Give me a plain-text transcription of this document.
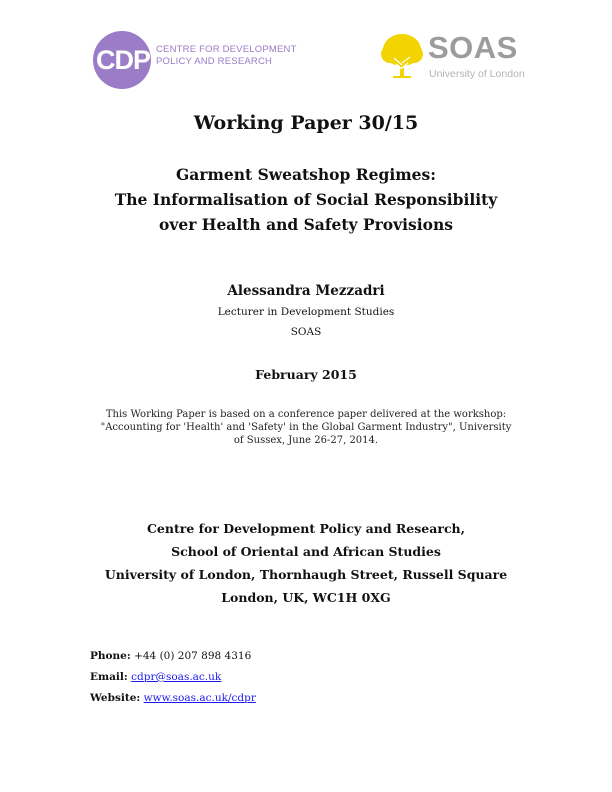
CDPR
CENTRE FOR DEVELOPMENT
POLICY AND RESEARCH	SOAS
University of London
Working Paper 30/15
Garment Sweatshop Regimes:
The Informalisation of Social Responsibility
over Health and Safety Provisions
Alessandra Mezzadri
Lecturer in Development Studies
SOAS
February 2015
This Working Paper is based on a conference paper delivered at the workshop: "Accounting for 'Health' and 'Safety' in the Global Garment Industry", University of Sussex, June 26-27, 2014.
Centre for Development Policy and Research,
School of Oriental and African Studies
University of London, Thornhaugh Street, Russell Square
London, UK, WC1H 0XG
Phone: +44 (0) 207 898 4316
Email: cdpr@soas.ac.uk
Website: www.soas.ac.uk/cdpr
